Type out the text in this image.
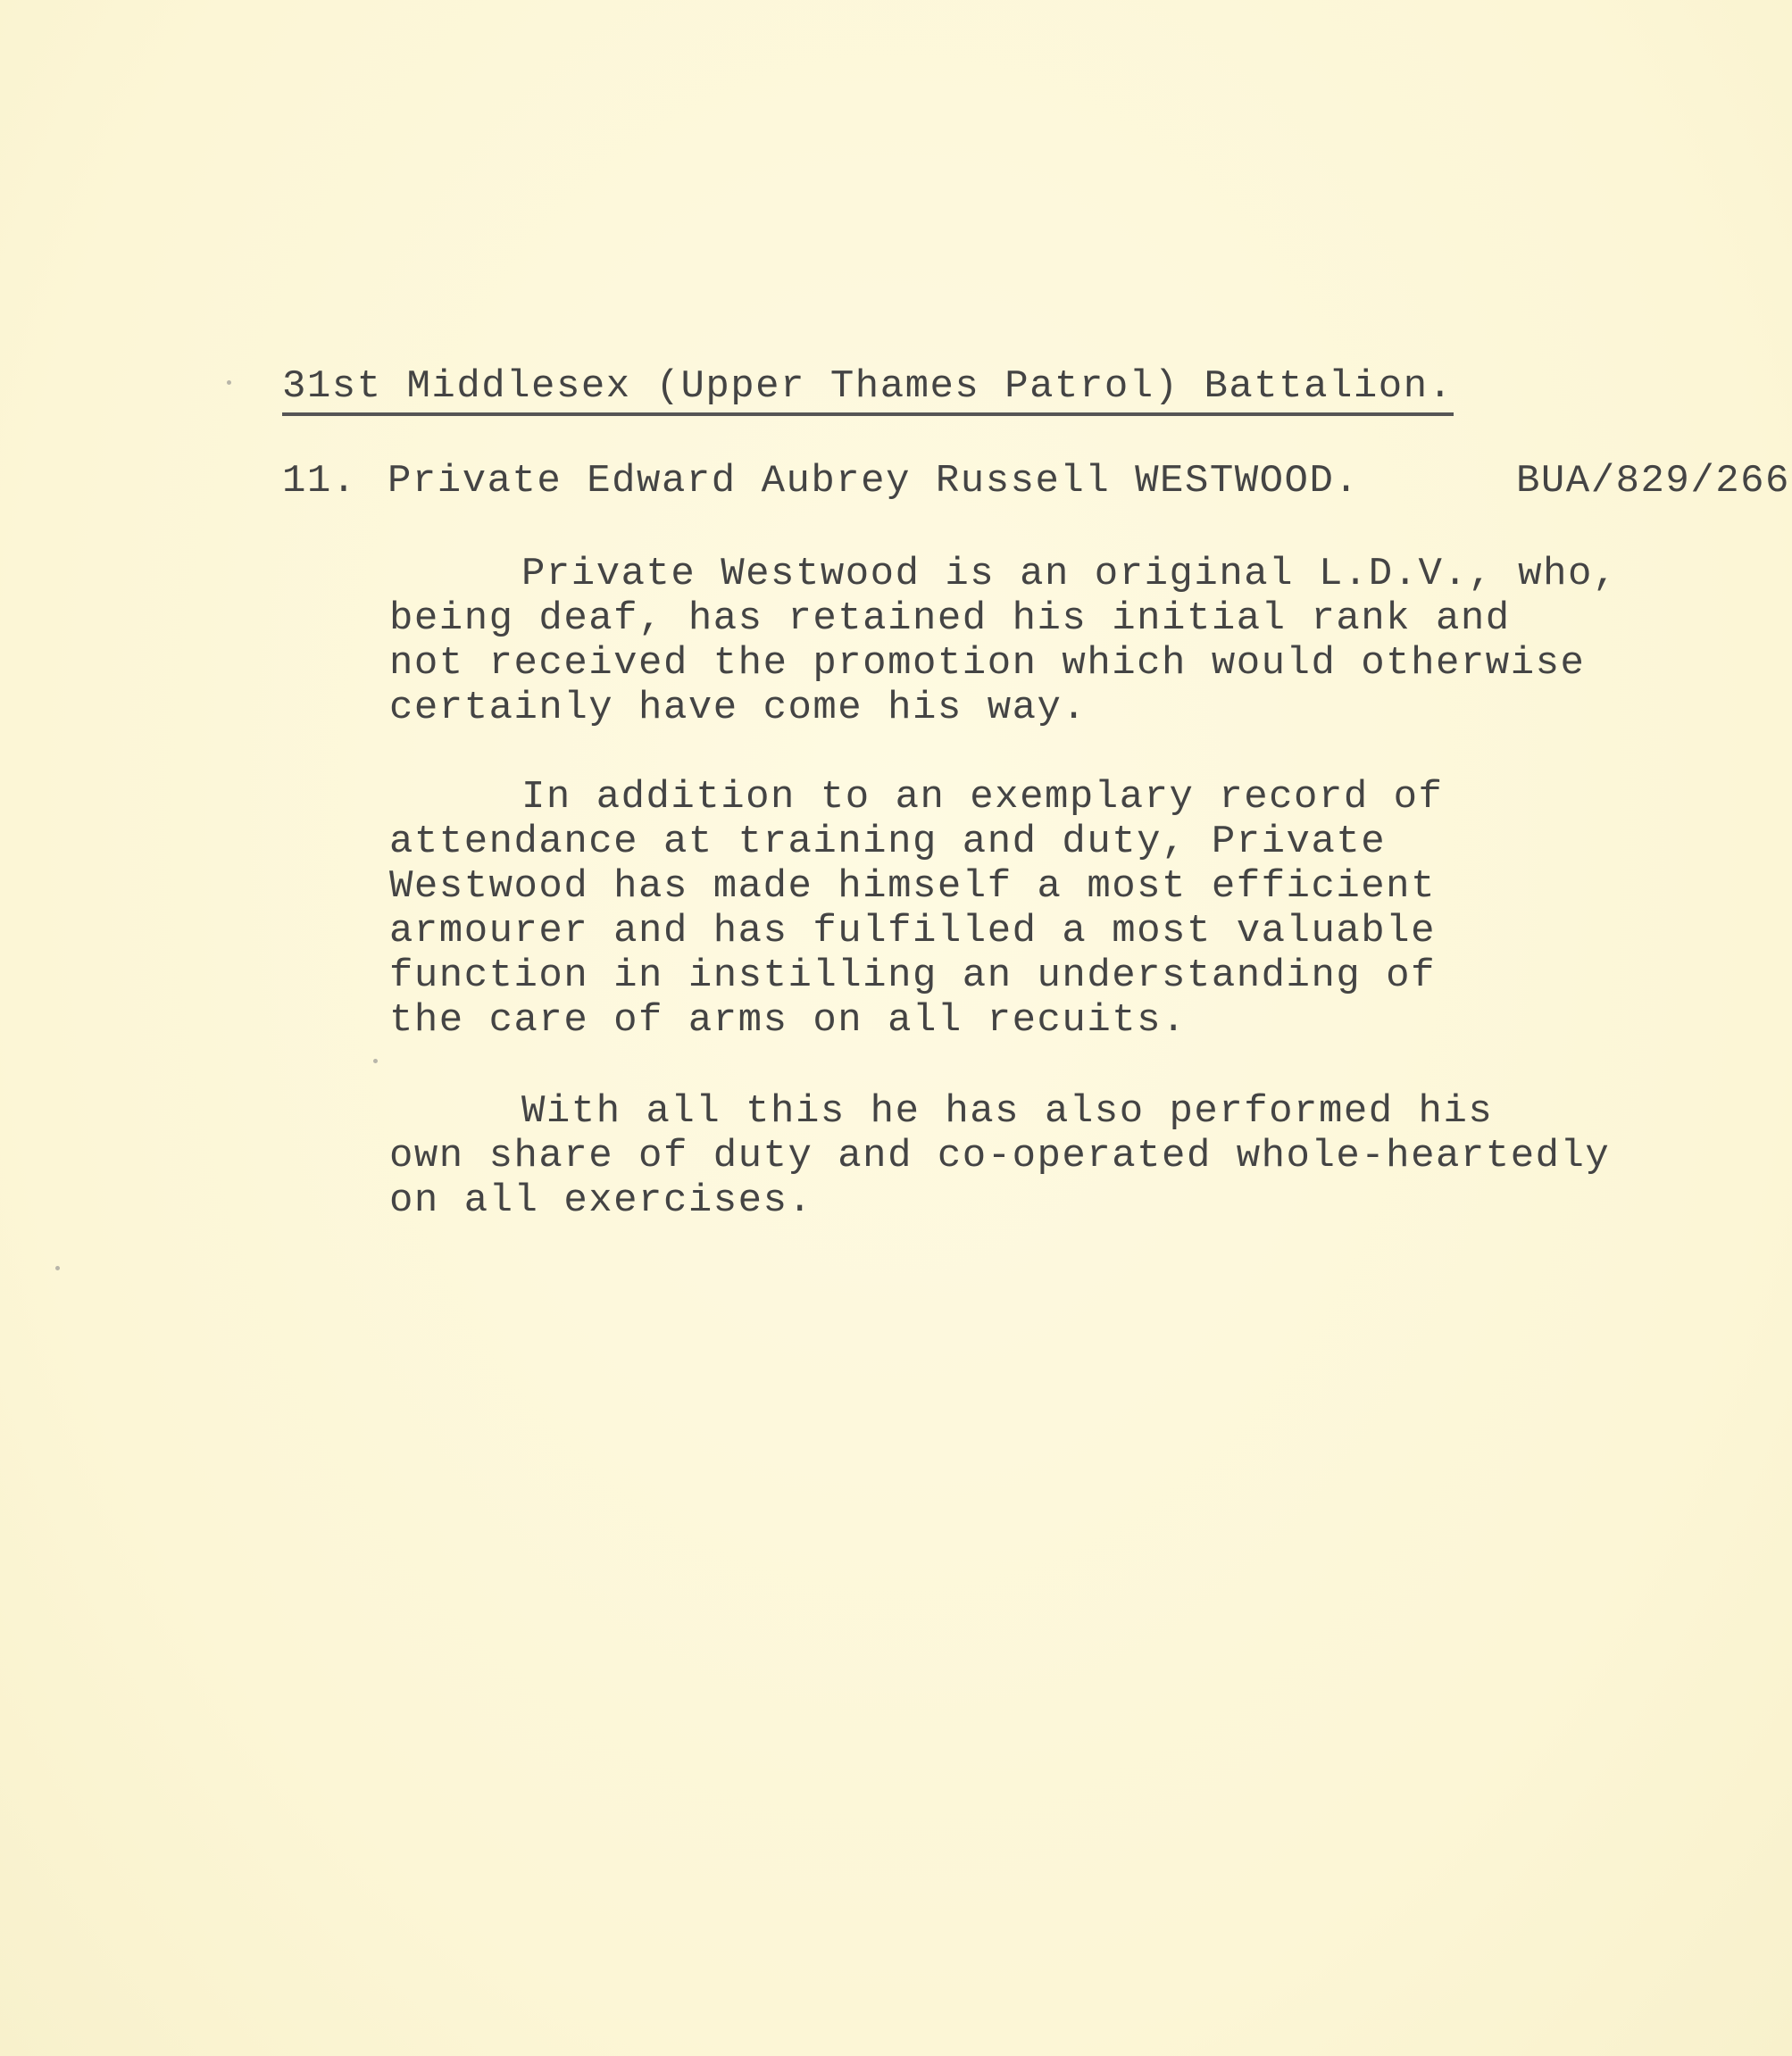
31st Middlesex (Upper Thames Patrol) Battalion.
11. Private Edward Aubrey Russell WESTWOOD.	BUA/829/266
Private Westwood is an original L.D.V., who,
being deaf, has retained his initial rank and
not received the promotion which would otherwise
certainly have come his way.
In addition to an exemplary record of
attendance at training and duty, Private
Westwood has made himself a most efficient
armourer and has fulfilled a most valuable
function in instilling an understanding of
the care of arms on all recuits.
With all this he has also performed his
own share of duty and co-operated whole-heartedly
on all exercises.
